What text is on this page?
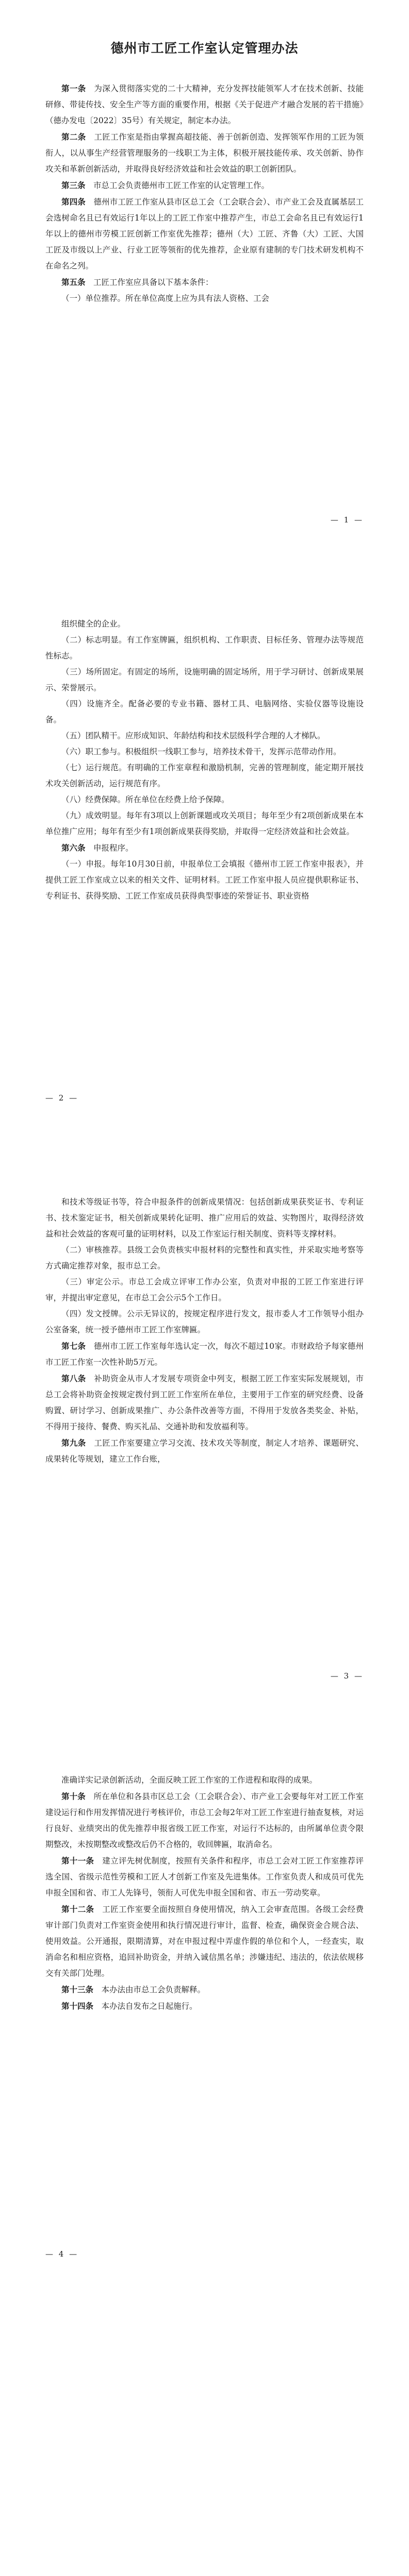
德州市工匠工作室认定管理办法

第一条　 为深入贯彻落实党的二十大精神，充分发挥技能领军人才在技术创新、技能研修、带徒传技、安全生产等方面的重要作用，根据《关于促进产才融合发展的若干措施》（德办发电〔2022〕35号）有关规定，制定本办法。

第二条　 工匠工作室是指由掌握高超技能、善于创新创造、发挥领军作用的工匠为领衔人，以从事生产经营管理服务的一线职工为主体，积极开展技能传承、攻关创新、协作攻关和革新创新活动，并取得良好经济效益和社会效益的职工创新团队。

第三条　 市总工会负责德州市工匠工作室的认定管理工作。

第四条　 德州市工匠工作室从县市区总工会（工会联合会）、市产业工会及直属基层工会选树命名且已有效运行1年以上的工匠工作室中推荐产生，市总工会命名且已有效运行1年以上的德州市劳模工匠创新工作室优先推荐；德州（大）工匠、齐鲁（大）工匠、大国工匠及市级以上产业、行业工匠等领衔的优先推荐，企业原有建制的专门技术研发机构不在命名之列。

第五条　 工匠工作室应具备以下基本条件：

（一）单位推荐。所在单位高度上应为具有法人资格、工会

— 1 —

组织健全的企业。

（二）标志明显。有工作室牌匾，组织机构、工作职责、目标任务、管理办法等规范性标志。

（三）场所固定。有固定的场所，设施明确的固定场所，用于学习研讨、创新成果展示、荣誉展示。

（四）设施齐全。配备必要的专业书籍、器材工具、电脑网络、实验仪器等设施设备。

（五）团队精干。应形成知识、年龄结构和技术层级科学合理的人才梯队。

（六）职工参与。积极组织一线职工参与，培养技术骨干，发挥示范带动作用。

（七）运行规范。有明确的工作室章程和激励机制，完善的管理制度，能定期开展技术攻关创新活动，运行规范有序。

（八）经费保障。所在单位在经费上给予保障。

（九）成效明显。每年有3项以上创新课题或攻关项目；每年至少有2项创新成果在本单位推广应用；每年有至少有1项创新成果获得奖励，并取得一定经济效益和社会效益。

第六条　 申报程序。

（一）申报。每年10月30日前，申报单位工会填报《德州市工匠工作室申报表》，并提供工匠工作室成立以来的相关文件、证明材料。工匠工作室申报人员应提供职称证书、专利证书、获得奖励、工匠工作室成员获得典型事迹的荣誉证书、职业资格

— 2 —

和技术等级证书等，符合申报条件的创新成果情况：包括创新成果获奖证书、专利证书、技术鉴定证书，相关创新成果转化证明、推广应用后的效益、实物图片，取得经济效益和社会效益的客观可量的证明材料，以及工作室运行相关制度、资料等支撑材料。

（二）审核推荐。县级工会负责核实申报材料的完整性和真实性，并采取实地考察等方式确定推荐对象，报市总工会。

（三）审定公示。市总工会成立评审工作办公室，负责对申报的工匠工作室进行评审，并提出审定意见，在市总工会公示5个工作日。

（四）发文授牌。公示无异议的，按规定程序进行发文，报市委人才工作领导小组办公室备案，统一授予德州市工匠工作室牌匾。

第七条　 德州市工匠工作室每年选认定一次，每次不超过10家。市财政给予每家德州市工匠工作室一次性补助5万元。

第八条　 补助资金从市人才发展专项资金中列支，根据工匠工作室实际发展规划，市总工会将补助资金按规定拨付到工匠工作室所在单位，主要用于工作室的研究经费、设备购置、研讨学习、创新成果推广、办公条件改善等方面，不得用于发放各类奖金、补贴，不得用于接待、餐费、购买礼品、交通补助和发放福利等。

第九条　 工匠工作室要建立学习交流、技术攻关等制度，制定人才培养、课题研究、成果转化等规划，建立工作台账，

— 3 —

准确详实记录创新活动，全面反映工匠工作室的工作进程和取得的成果。

第十条　 所在单位和各县市区总工会（工会联合会）、市产业工会要每年对工匠工作室建设运行和作用发挥情况进行考核评价，市总工会每2年对工匠工作室进行抽查复核，对运行良好、业绩突出的优先推荐申报省级工匠工作室，对运行不达标的，由所属单位责令限期整改，未按期整改或整改后仍不合格的，收回牌匾，取消命名。

第十一条　 建立评先树优制度，按照有关条件和程序，市总工会对工匠工作室推荐评选全国、省级示范性劳模和工匠人才创新工作室及先进集体。工作室负责人和成员可优先申报全国和省、市工人先锋号，领衔人可优先申报全国和省、市五一劳动奖章。

第十二条　 工匠工作室要全面按照自身使用情况，纳入工会审查范围。各级工会经费审计部门负责对工作室资金使用和执行情况进行审计，监督、检查，确保资金合规合法、使用效益。公开通报，限期清算，对在申报过程中弄虚作假的单位和个人，一经查实，取消命名和相应资格，追回补助资金，并纳入诚信黑名单；涉嫌违纪、违法的，依法依规移交有关部门处理。

第十三条　 本办法由市总工会负责解释。

第十四条　 本办法自发布之日起施行。

— 4 —
